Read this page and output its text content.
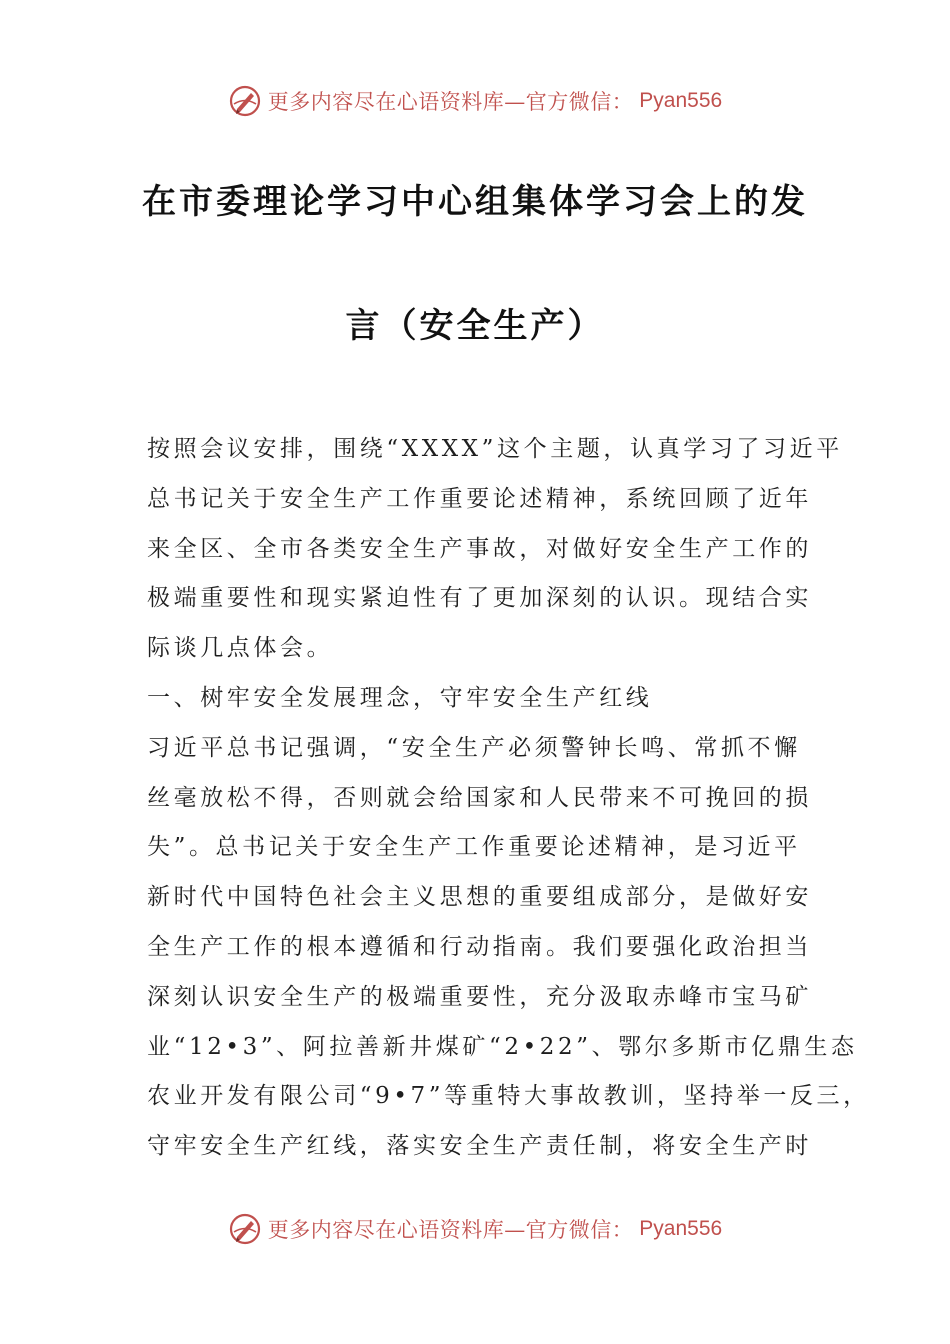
更多内容尽在心语资料库—官方微信： Pyan556
在市委理论学习中心组集体学习会上的发
言（安全生产）
按照会议安排，围绕“XXXX”这个主题，认真学习了习近平
总书记关于安全生产工作重要论述精神，系统回顾了近年
来全区、全市各类安全生产事故，对做好安全生产工作的
极端重要性和现实紧迫性有了更加深刻的认识。现结合实
际谈几点体会。
一、树牢安全发展理念，守牢安全生产红线
习近平总书记强调，“安全生产必须警钟长鸣、常抓不懈
丝毫放松不得，否则就会给国家和人民带来不可挽回的损
失”。总书记关于安全生产工作重要论述精神，是习近平
新时代中国特色社会主义思想的重要组成部分，是做好安
全生产工作的根本遵循和行动指南。我们要强化政治担当
深刻认识安全生产的极端重要性，充分汲取赤峰市宝马矿
业“12•3”、阿拉善新井煤矿“2•22”、鄂尔多斯市亿鼎生态
农业开发有限公司“9•7”等重特大事故教训，坚持举一反三，
守牢安全生产红线，落实安全生产责任制，将安全生产时
更多内容尽在心语资料库—官方微信： Pyan556
